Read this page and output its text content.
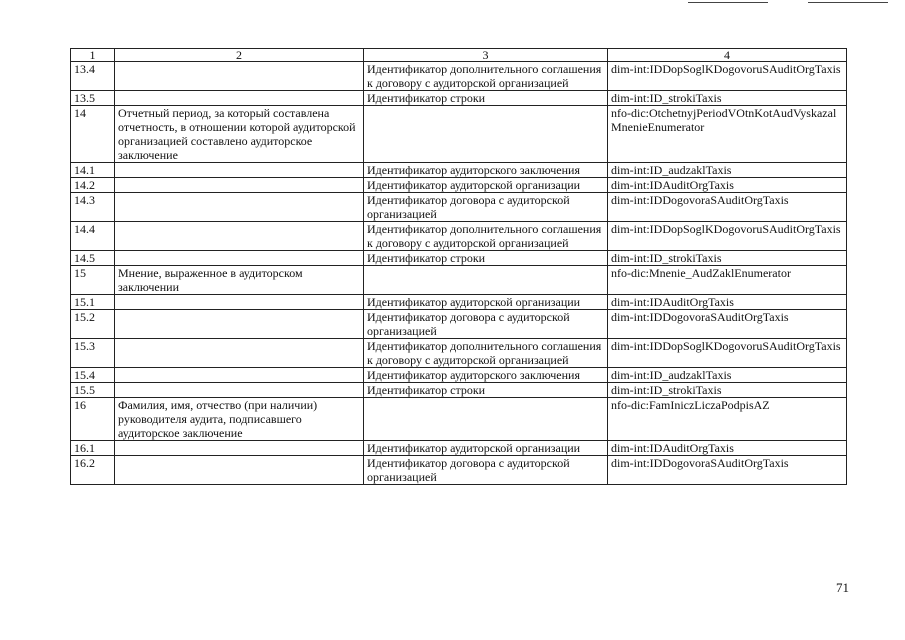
1	2	3	4
13.4		Идентификатор дополнительного соглашения к договору с аудиторской организацией	dim-int:IDDopSoglKDogovoruSAuditOrgTaxis
13.5		Идентификатор строки	dim-int:ID_strokiTaxis
14	Отчетный период, за который составлена отчетность, в отношении которой аудиторской организацией составлено аудиторское заключение		nfo-dic:OtchetnyjPeriodVOtnKotAudVyskazalMnenieEnumerator
14.1		Идентификатор аудиторского заключения	dim-int:ID_audzaklTaxis
14.2		Идентификатор аудиторской организации	dim-int:IDAuditOrgTaxis
14.3		Идентификатор договора с аудиторской организацией	dim-int:IDDogovoraSAuditOrgTaxis
14.4		Идентификатор дополнительного соглашения к договору с аудиторской организацией	dim-int:IDDopSoglKDogovoruSAuditOrgTaxis
14.5		Идентификатор строки	dim-int:ID_strokiTaxis
15	Мнение, выраженное в аудиторском заключении		nfo-dic:Mnenie_AudZaklEnumerator
15.1		Идентификатор аудиторской организации	dim-int:IDAuditOrgTaxis
15.2		Идентификатор договора с аудиторской организацией	dim-int:IDDogovoraSAuditOrgTaxis
15.3		Идентификатор дополнительного соглашения к договору с аудиторской организацией	dim-int:IDDopSoglKDogovoruSAuditOrgTaxis
15.4		Идентификатор аудиторского заключения	dim-int:ID_audzaklTaxis
15.5		Идентификатор строки	dim-int:ID_strokiTaxis
16	Фамилия, имя, отчество (при наличии) руководителя аудита, подписавшего аудиторское заключение		nfo-dic:FamIniczLiczaPodpisAZ
16.1		Идентификатор аудиторской организации	dim-int:IDAuditOrgTaxis
16.2		Идентификатор договора с аудиторской организацией	dim-int:IDDogovoraSAuditOrgTaxis
71
